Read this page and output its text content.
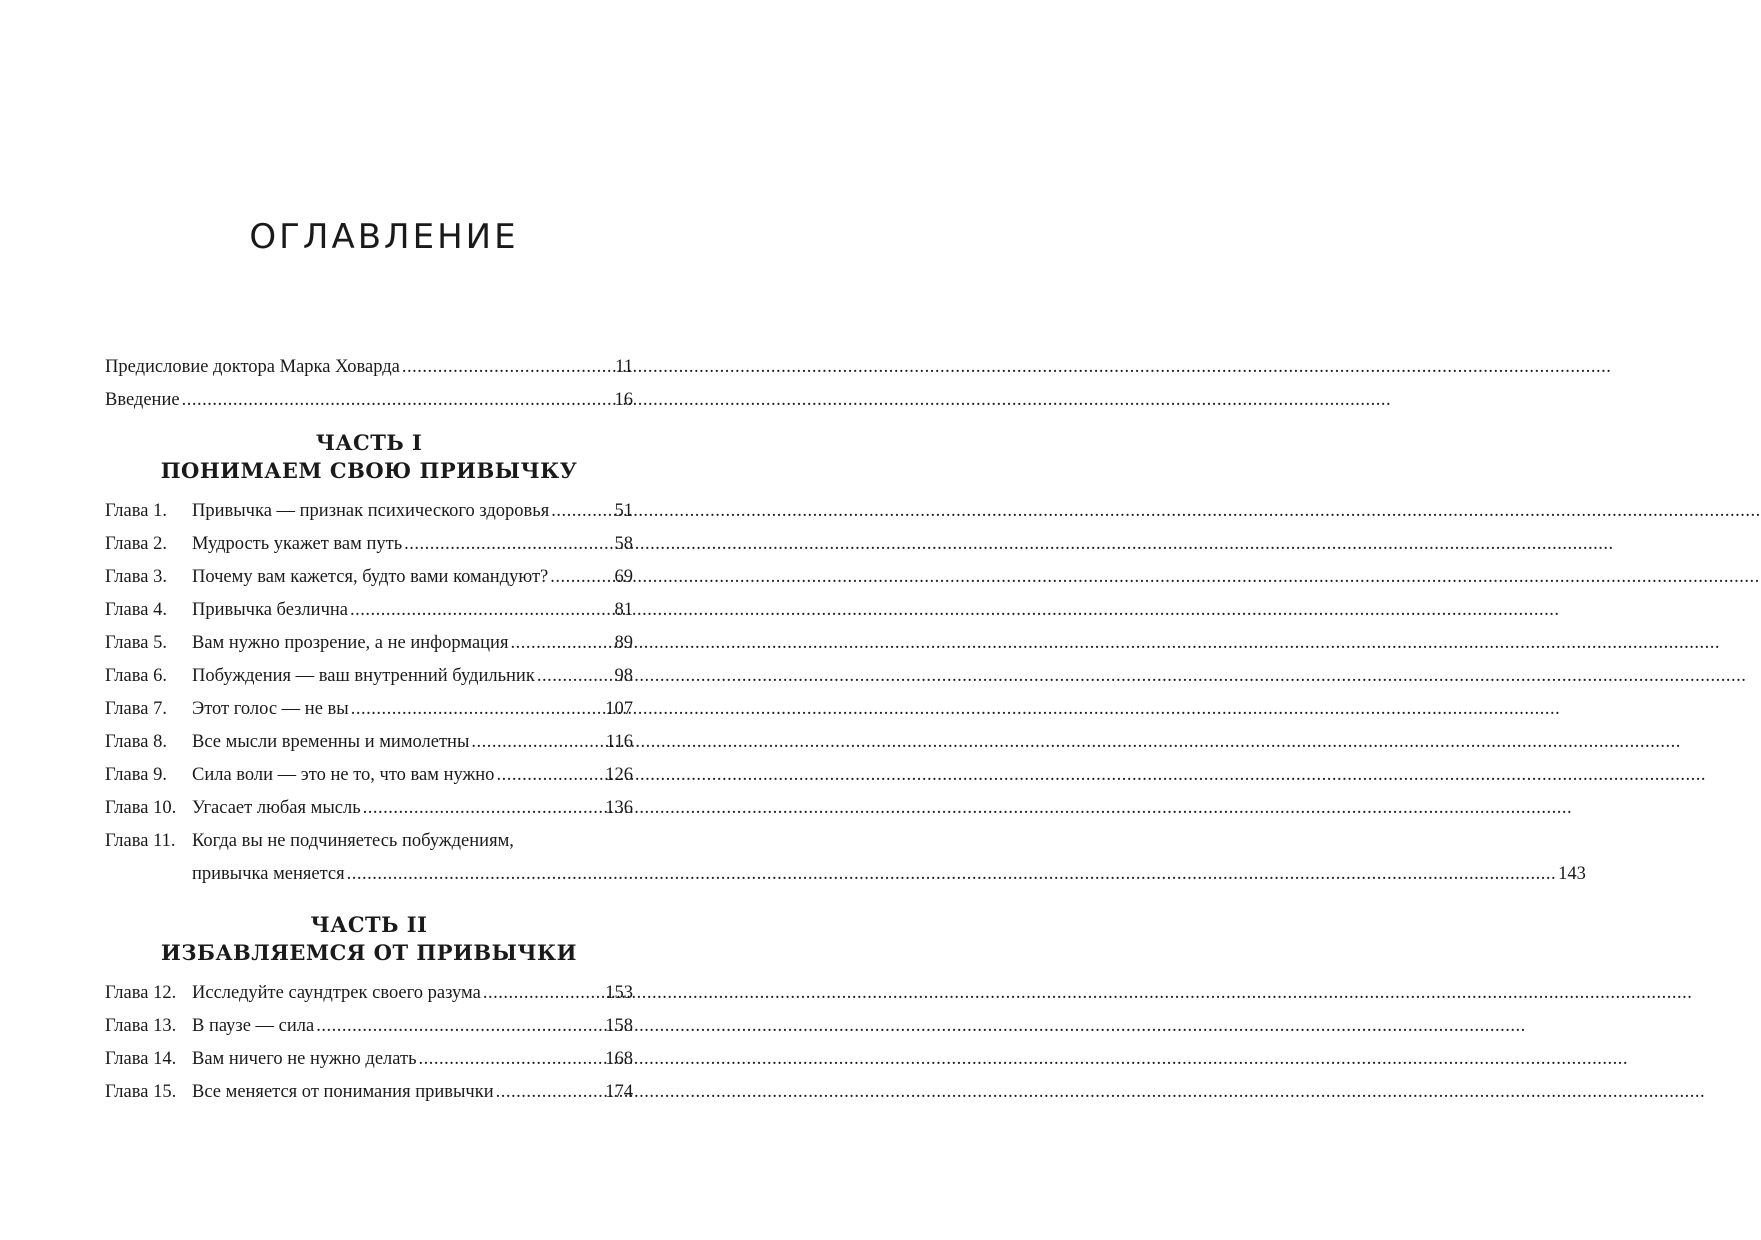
ОГЛАВЛЕНИЕ
Предисловие доктора Марка Ховарда .....	11
Введение .....	16
ЧАСТЬ I
ПОНИМАЕМ СВОЮ ПРИВЫЧКУ
Глава 1.	Привычка — признак психического здоровья .....	51
Глава 2.	Мудрость укажет вам путь .....	58
Глава 3.	Почему вам кажется, будто вами командуют? .....	69
Глава 4.	Привычка безлична .....	81
Глава 5.	Вам нужно прозрение, а не информация .....	89
Глава 6.	Побуждения — ваш внутренний будильник .....	98
Глава 7.	Этот голос — не вы .....	107
Глава 8.	Все мысли временны и мимолетны .....	116
Глава 9.	Сила воли — это не то, что вам нужно .....	126
Глава 10. Угасает любая мысль .....	136
Глава 11. Когда вы не подчиняетесь побуждениям,
привычка меняется .....	143
ЧАСТЬ II
ИЗБАВЛЯЕМСЯ ОТ ПРИВЫЧКИ
Глава 12. Исследуйте саундтрек своего разума .....	153
Глава 13. В паузе — сила .....	158
Глава 14. Вам ничего не нужно делать .....	168
Глава 15. Все меняется от понимания привычки .....	174
